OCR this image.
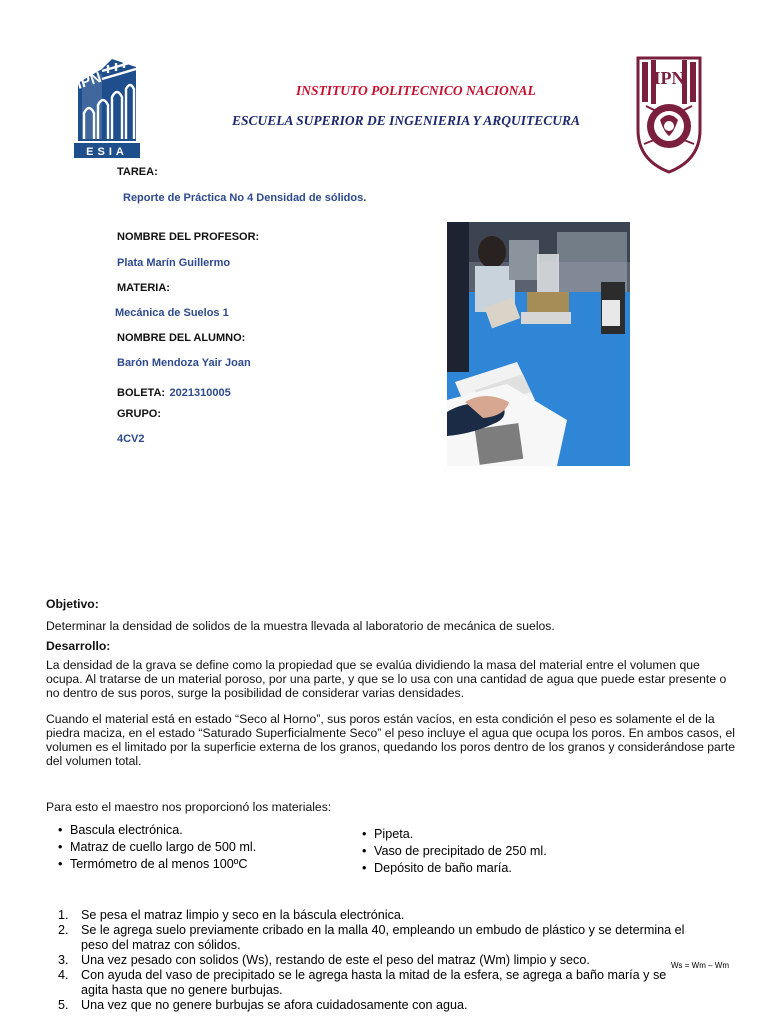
IPN
ESIA
INSTITUTO POLITECNICO NACIONAL
ESCUELA SUPERIOR DE INGENIERIA Y ARQUITECURA
IPN
TAREA:
Reporte de Práctica No 4 Densidad de sólidos.
NOMBRE DEL PROFESOR:
Plata Marín Guillermo
MATERIA:
Mecánica de Suelos 1
NOMBRE DEL ALUMNO:
Barón Mendoza Yair Joan
BOLETA: 2021310005
GRUPO:
4CV2
Objetivo:
Determinar la densidad de solidos de la muestra llevada al laboratorio de mecánica de suelos.
Desarrollo:
La densidad de la grava se define como la propiedad que se evalúa dividiendo la masa del material entre el volumen que ocupa. Al tratarse de un material poroso, por una parte, y que se lo usa con una cantidad de agua que puede estar presente o no dentro de sus poros, surge la posibilidad de considerar varias densidades.
Cuando el material está en estado “Seco al Horno”, sus poros están vacíos, en esta condición el peso es solamente el de la piedra maciza, en el estado “Saturado Superficialmente Seco” el peso incluye el agua que ocupa los poros. En ambos casos, el volumen es el limitado por la superficie externa de los granos, quedando los poros dentro de los granos y considerándose parte del volumen total.
Para esto el maestro nos proporcionó los materiales:
• Bascula electrónica.
• Matraz de cuello largo de 500 ml.
• Termómetro de al menos 100ºC
• Pipeta.
• Vaso de precipitado de 250 ml.
• Depósito de baño maría.
1. Se pesa el matraz limpio y seco en la báscula electrónica.
2. Se le agrega suelo previamente cribado en la malla 40, empleando un embudo de plástico y se determina el peso del matraz con sólidos.
3. Una vez pesado con solidos (Ws), restando de este el peso del matraz (Wm) limpio y seco.
4. Con ayuda del vaso de precipitado se le agrega hasta la mitad de la esfera, se agrega a baño maría y se agita hasta que no genere burbujas.
5. Una vez que no genere burbujas se afora cuidadosamente con agua.
Ws = Wm – Wm
